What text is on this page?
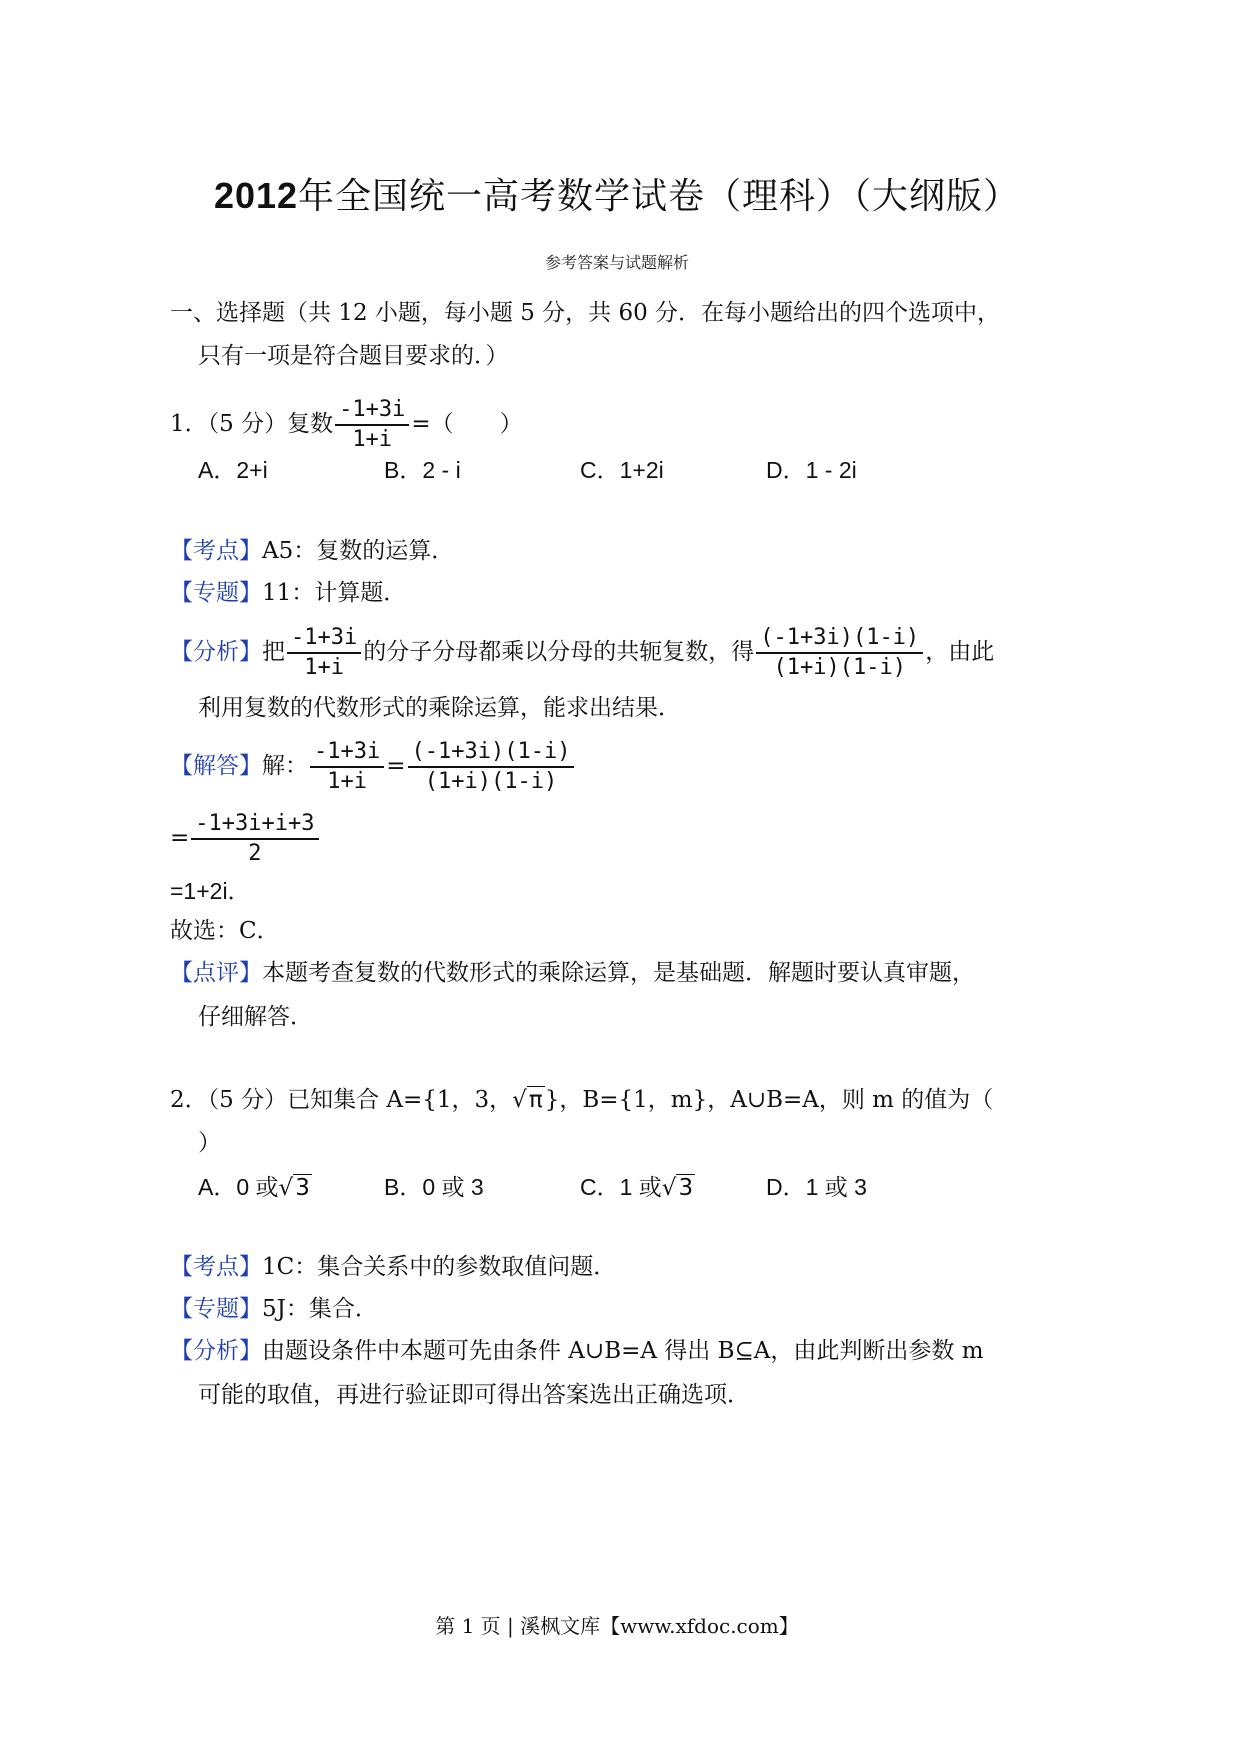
2012年全国统一高考数学试卷（理科）（大纲版）
参考答案与试题解析
一、选择题（共 12 小题，每小题 5 分，共 60 分．在每小题给出的四个选项中，
只有一项是符合题目要求的．）
1．（5 分）复数 $\frac{-1+3i}{1+i}$ =（　　）
A．2+i	B．2 - i	C．1+2i	D．1 - 2i
【考点】A5：复数的运算．
【专题】11：计算题．
【分析】把 $\frac{-1+3i}{1+i}$ 的分子分母都乘以分母的共轭复数，得 $\frac{(-1+3i)(1-i)}{(1+i)(1-i)}$ ，由此
利用复数的代数形式的乘除运算，能求出结果．
【解答】解： $\frac{-1+3i}{1+i} = \frac{(-1+3i)(1-i)}{(1+i)(1-i)}$
= $\frac{-1+3i+i+3}{2}$
=1+2i．
故选：C．
【点评】本题考查复数的代数形式的乘除运算，是基础题．解题时要认真审题，
仔细解答．
2．（5 分）已知集合 A={1，3，√π}，B={1，m}，A∪B=A，则 m 的值为（
）
A．0 或√3	B．0 或 3	C．1 或√3	D．1 或 3
【考点】1C：集合关系中的参数取值问题．
【专题】5J：集合．
【分析】由题设条件中本题可先由条件 A∪B=A 得出 B⊆A，由此判断出参数 m
可能的取值，再进行验证即可得出答案选出正确选项．
第 1 页 | 溪枫文库【www.xfdoc.com】
